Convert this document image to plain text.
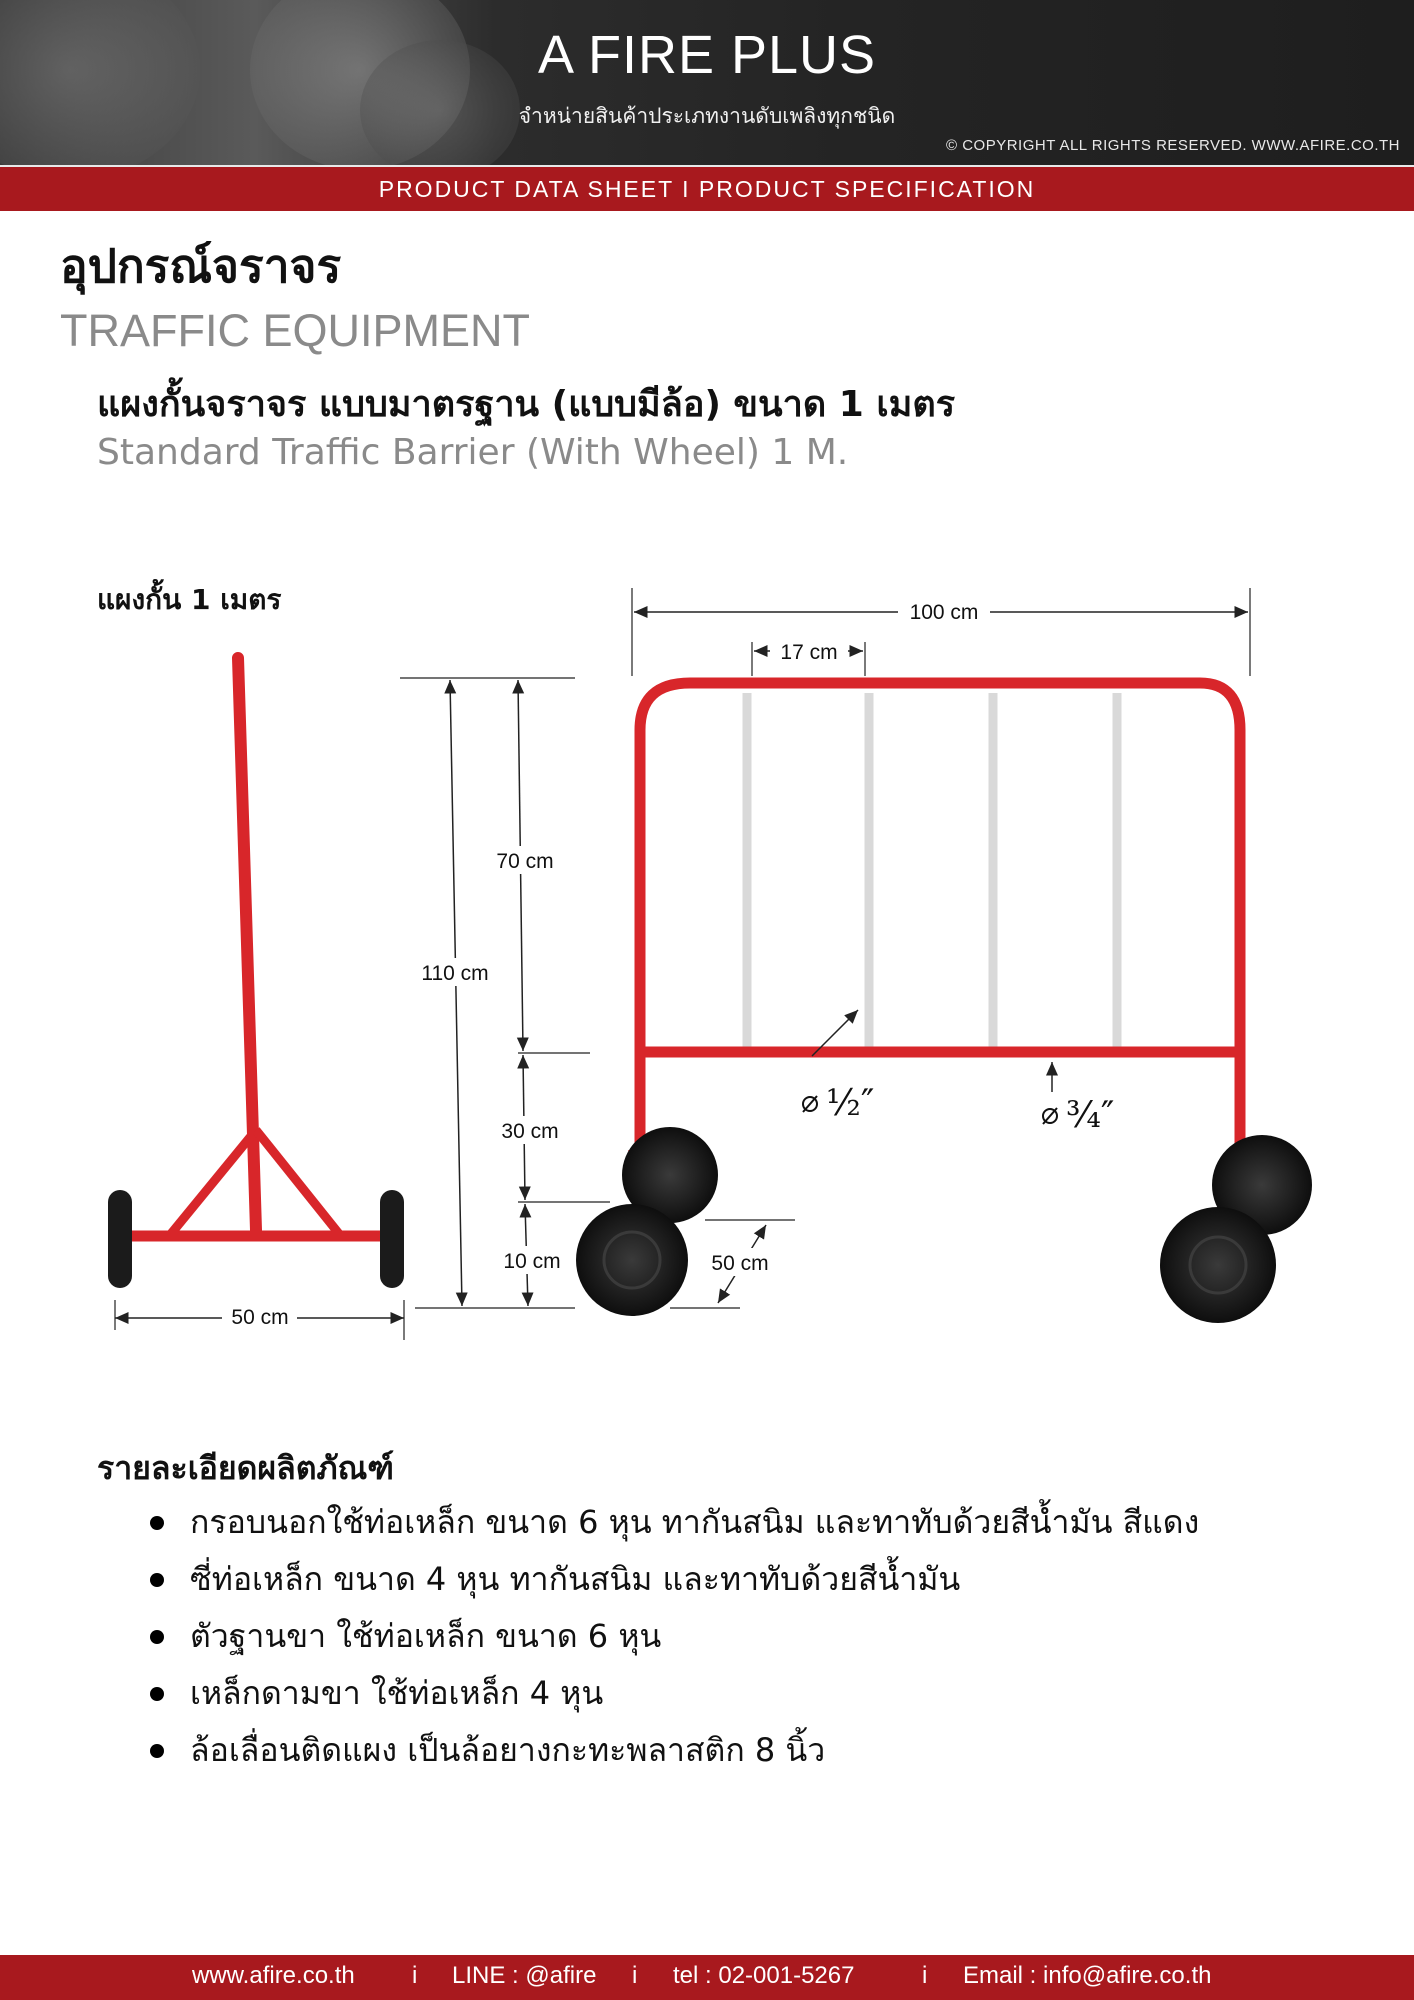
A FIRE PLUS
จำหน่ายสินค้าประเภทงานดับเพลิงทุกชนิด
© COPYRIGHT ALL RIGHTS RESERVED. WWW.AFIRE.CO.TH
PRODUCT DATA SHEET I PRODUCT SPECIFICATION
อุปกรณ์จราจร
TRAFFIC EQUIPMENT
แผงกั้นจราจร แบบมาตรฐาน (แบบมีล้อ) ขนาด 1 เมตร
Standard Traffic Barrier (With Wheel) 1 M.
แผงกั้น 1 เมตร
50 cm
110 cm
70 cm
30 cm
10 cm
100 cm
17 cm
½″	¾″
50 cm
รายละเอียดผลิตภัณฑ์
กรอบนอกใช้ท่อเหล็ก ขนาด 6 หุน ทากันสนิม และทาทับด้วยสีน้ำมัน สีแดง
ซี่ท่อเหล็ก ขนาด 4 หุน ทากันสนิม และทาทับด้วยสีน้ำมัน
ตัวฐานขา ใช้ท่อเหล็ก ขนาด 6 หุน
เหล็กดามขา ใช้ท่อเหล็ก 4 หุน
ล้อเลื่อนติดแผง เป็นล้อยางกะทะพลาสติก 8 นิ้ว
www.afire.co.th i LINE : @afire i tel : 02-001-5267	i Email : info@afire.co.th
